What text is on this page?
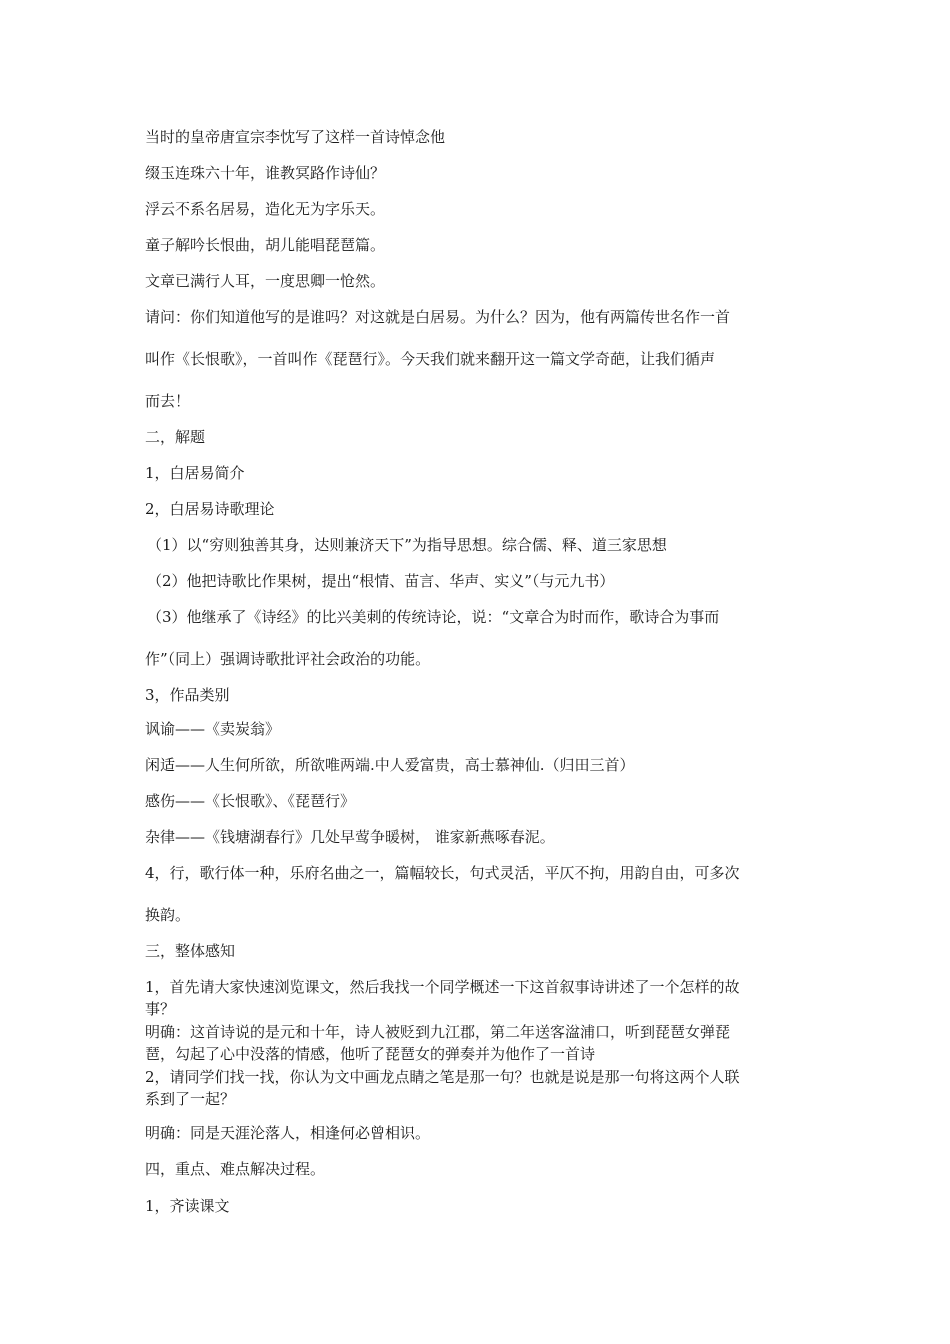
当时的皇帝唐宣宗李忱写了这样一首诗悼念他
缀玉连珠六十年，谁教冥路作诗仙？
浮云不系名居易，造化无为字乐天。
童子解吟长恨曲，胡儿能唱琵琶篇。
文章已满行人耳，一度思卿一怆然。
请问：你们知道他写的是谁吗？对这就是白居易。为什么？因为，他有两篇传世名作一首
叫作《长恨歌》，一首叫作《琵琶行》。今天我们就来翻开这一篇文学奇葩，让我们循声
而去！
二，解题
1，白居易简介
2，白居易诗歌理论
（1）以“穷则独善其身，达则兼济天下”为指导思想。综合儒、释、道三家思想
（2）他把诗歌比作果树，提出“根情、苗言、华声、实义”（与元九书）
（3）他继承了《诗经》的比兴美刺的传统诗论，说：“文章合为时而作，歌诗合为事而
作”（同上）强调诗歌批评社会政治的功能。
3，作品类别
讽谕——《卖炭翁》
闲适——人生何所欲，所欲唯两端.中人爱富贵，高士慕神仙.（归田三首）
感伤——《长恨歌》、《琵琶行》
杂律——《钱塘湖春行》几处早莺争暖树， 谁家新燕啄春泥。
4，行，歌行体一种，乐府名曲之一，篇幅较长，句式灵活，平仄不拘，用韵自由，可多次
换韵。
三，整体感知
1，首先请大家快速浏览课文，然后我找一个同学概述一下这首叙事诗讲述了一个怎样的故
事？
明确：这首诗说的是元和十年，诗人被贬到九江郡，第二年送客湓浦口，听到琵琶女弹琵
琶，勾起了心中没落的情感，他听了琵琶女的弹奏并为他作了一首诗
2，请同学们找一找，你认为文中画龙点睛之笔是那一句？也就是说是那一句将这两个人联
系到了一起？
明确：同是天涯沦落人，相逢何必曾相识。
四，重点、难点解决过程。
1，齐读课文
